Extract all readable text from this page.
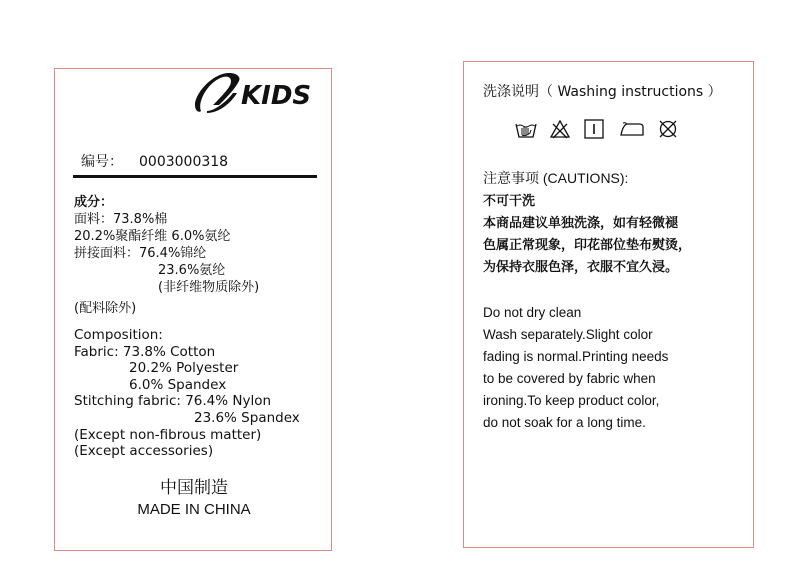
KIDS
编号： 0003000318
成分：
面料：73.8%棉
20.2%聚酯纤维 6.0%氨纶
拼接面料：76.4%锦纶
23.6%氨纶
(非纤维物质除外)
(配料除外)
Composition:
Fabric: 73.8% Cotton
20.2% Polyester
6.0% Spandex
Stitching fabric: 76.4% Nylon
23.6% Spandex
(Except non-fibrous matter)
(Except accessories)
中国制造
MADE IN CHINA
洗涤说明（ Washing instructions ）
注意事项 (CAUTIONS):
不可干洗
本商品建议单独洗涤，如有轻微褪
色属正常现象，印花部位垫布熨烫，
为保持衣服色泽，衣服不宜久浸。
Do not dry clean
Wash separately.Slight color
fading is normal.Printing needs
to be covered by fabric when
ironing.To keep product color,
do not soak for a long time.
